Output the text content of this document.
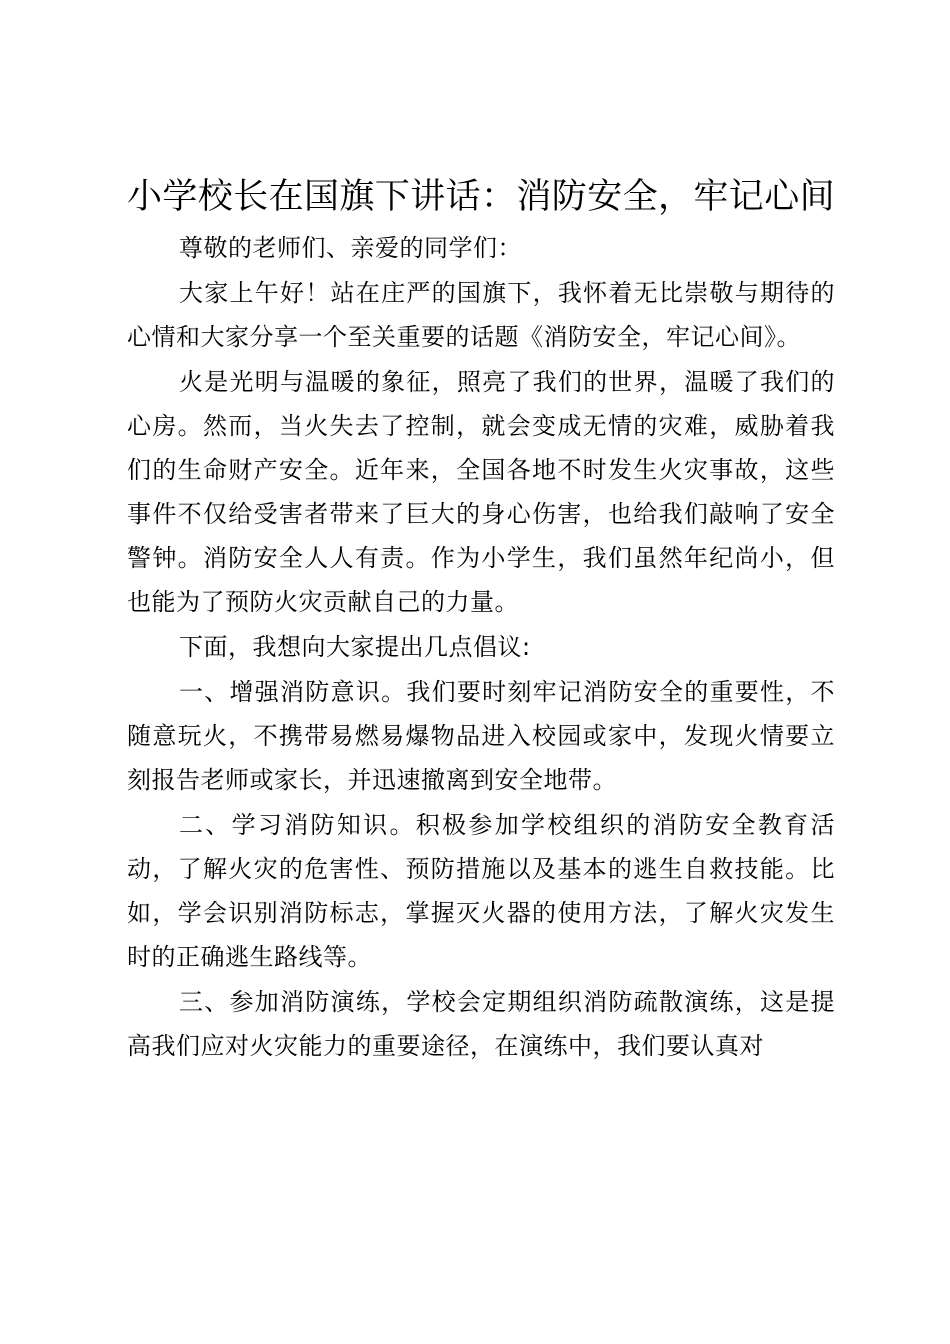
小学校长在国旗下讲话：消防安全，牢记心间

尊敬的老师们、亲爱的同学们：

大家上午好！站在庄严的国旗下，我怀着无比崇敬与期待的心情和大家分享一个至关重要的话题《消防安全，牢记心间》。

火是光明与温暖的象征，照亮了我们的世界，温暖了我们的心房。然而，当火失去了控制，就会变成无情的灾难，威胁着我们的生命财产安全。近年来，全国各地不时发生火灾事故，这些事件不仅给受害者带来了巨大的身心伤害，也给我们敲响了安全警钟。消防安全人人有责。作为小学生，我们虽然年纪尚小，但也能为了预防火灾贡献自己的力量。

下面，我想向大家提出几点倡议:

一、增强消防意识。我们要时刻牢记消防安全的重要性，不随意玩火，不携带易燃易爆物品进入校园或家中，发现火情要立刻报告老师或家长，并迅速撤离到安全地带。

二、学习消防知识。积极参加学校组织的消防安全教育活动，了解火灾的危害性、预防措施以及基本的逃生自救技能。比如，学会识别消防标志，掌握灭火器的使用方法，了解火灾发生时的正确逃生路线等。

三、参加消防演练，学校会定期组织消防疏散演练，这是提高我们应对火灾能力的重要途径，在演练中，我们要认真对
